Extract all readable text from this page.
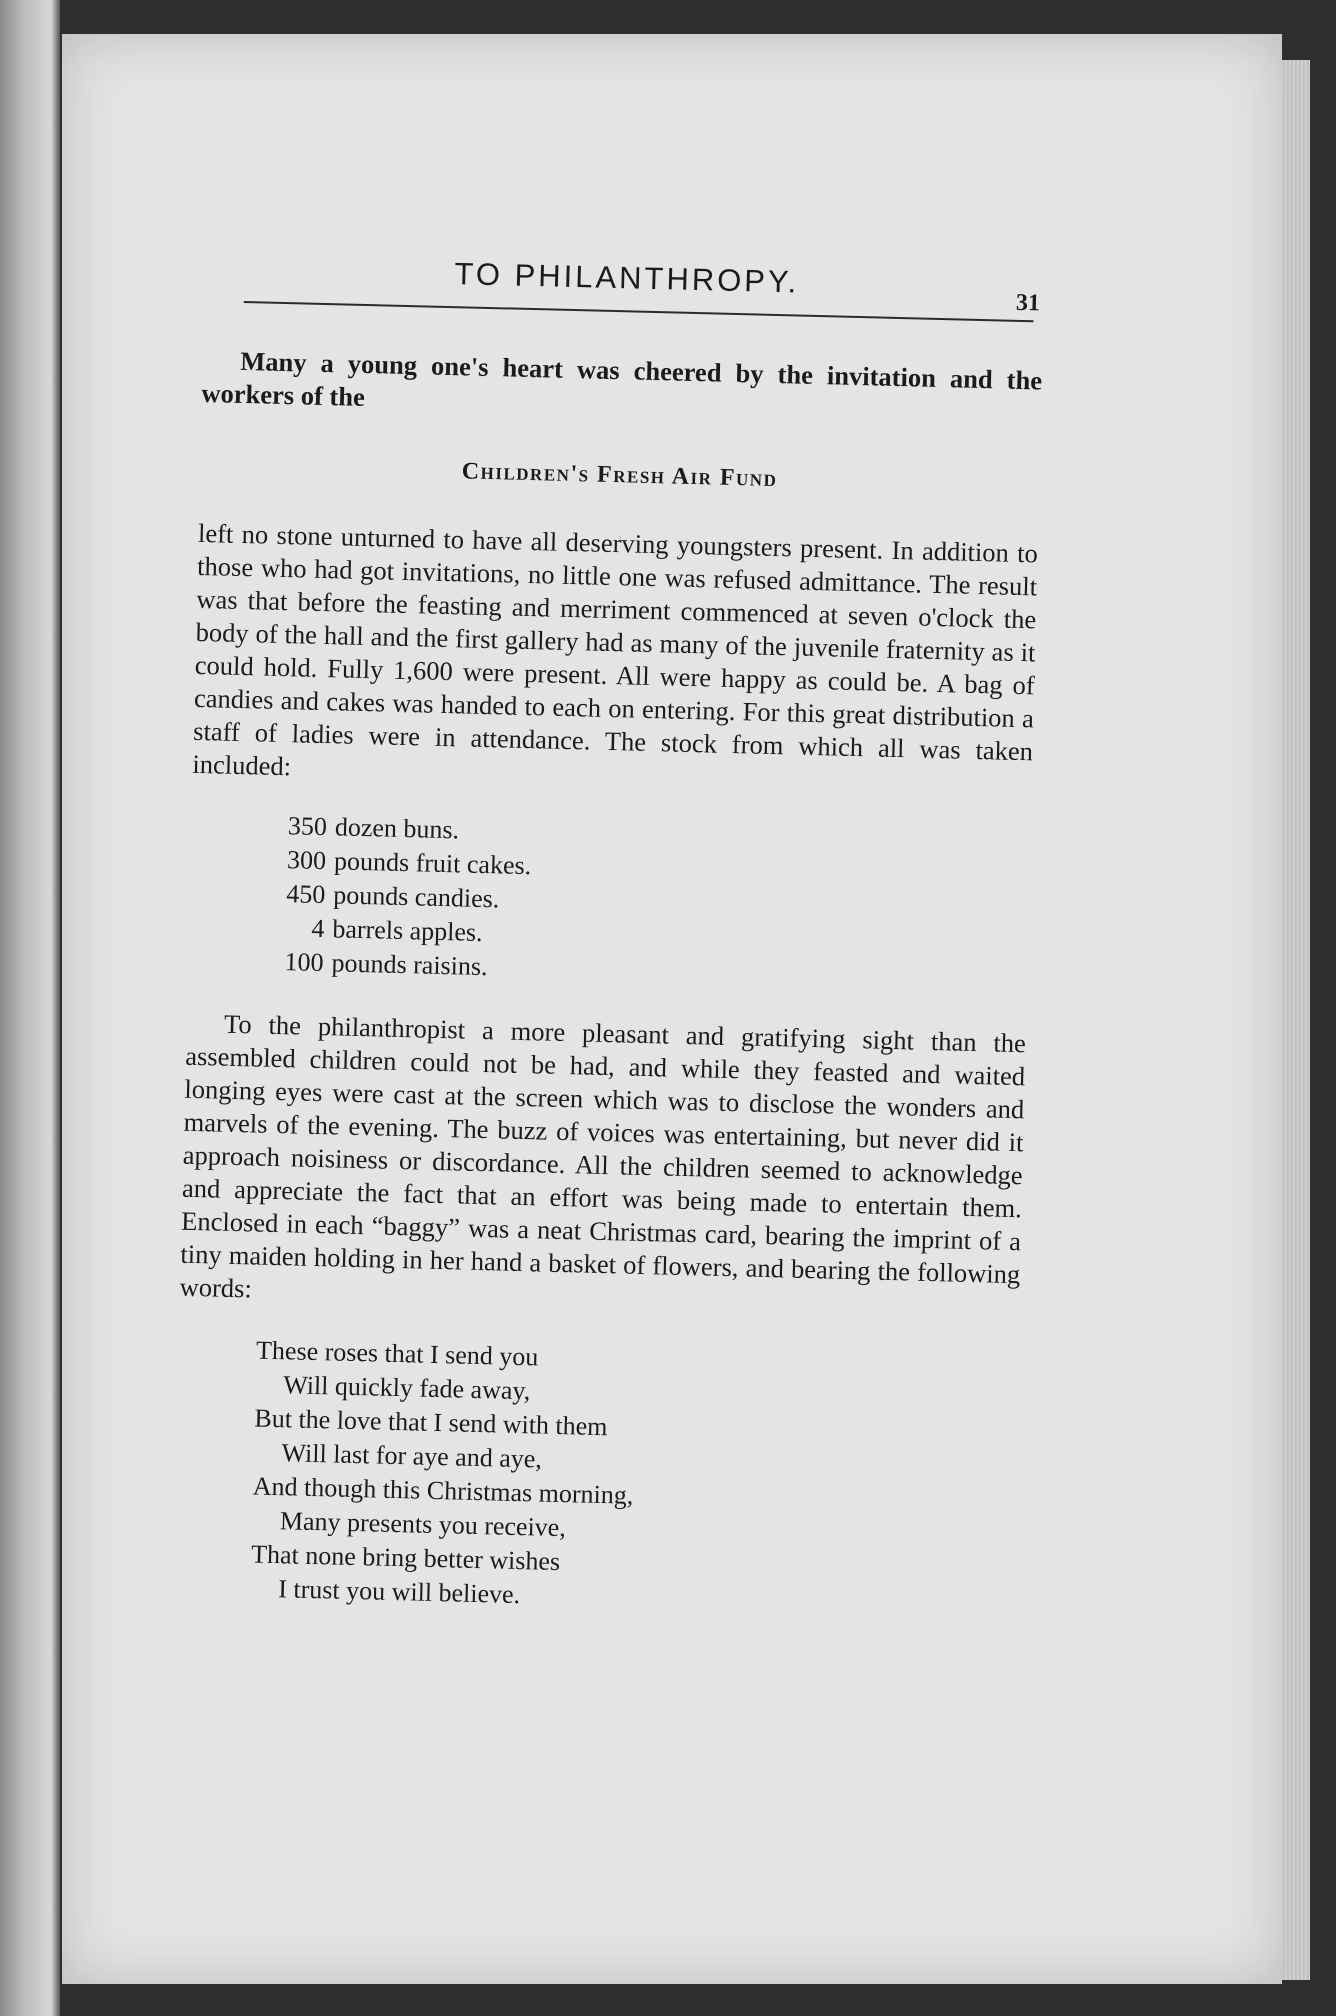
TO PHILANTHROPY.
31

Many a young one's heart was cheered by the invitation and the workers of the

Children's Fresh Air Fund

left no stone unturned to have all deserving youngsters present. In addition to those who had got invitations, no little one was refused admittance. The result was that before the feasting and merriment commenced at seven o'clock the body of the hall and the first gallery had as many of the juvenile fraternity as it could hold. Fully 1,600 were present. All were happy as could be. A bag of candies and cakes was handed to each on entering. For this great distribution a staff of ladies were in attendance. The stock from which all was taken included:

350 dozen buns.
300 pounds fruit cakes.
450 pounds candies.
4 barrels apples.
100 pounds raisins.

To the philanthropist a more pleasant and gratifying sight than the assembled children could not be had, and while they feasted and waited longing eyes were cast at the screen which was to disclose the wonders and marvels of the evening. The buzz of voices was entertaining, but never did it approach noisiness or discordance. All the children seemed to acknowledge and appreciate the fact that an effort was being made to entertain them. Enclosed in each “baggy” was a neat Christmas card, bearing the imprint of a tiny maiden holding in her hand a basket of flowers, and bearing the following words:

These roses that I send you
Will quickly fade away,
But the love that I send with them
Will last for aye and aye,
And though this Christmas morning,
Many presents you receive,
That none bring better wishes
I trust you will believe.
